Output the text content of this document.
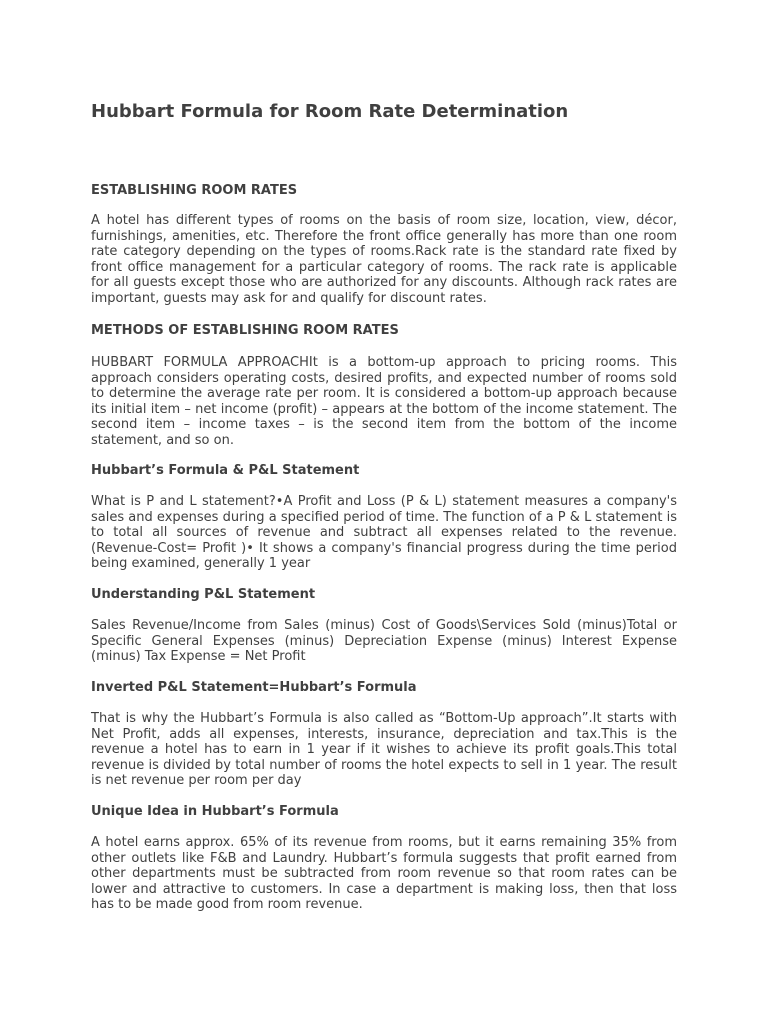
Hubbart Formula for Room Rate Determination
ESTABLISHING ROOM RATES

A hotel has different types of rooms on the basis of room size, location, view, décor, furnishings, amenities, etc. Therefore the front office generally has more than one room rate category depending on the types of rooms.Rack rate is the standard rate fixed by front office management for a particular category of rooms. The rack rate is applicable for all guests except those who are authorized for any discounts. Although rack rates are important, guests may ask for and qualify for discount rates.

METHODS OF ESTABLISHING ROOM RATES

HUBBART FORMULA APPROACHIt is a bottom-up approach to pricing rooms. This approach considers operating costs, desired profits, and expected number of rooms sold to determine the average rate per room. It is considered a bottom-up approach because its initial item – net income (profit) – appears at the bottom of the income statement. The second item – income taxes – is the second item from the bottom of the income statement, and so on.

Hubbart’s Formula & P&L Statement

What is P and L statement?•A Profit and Loss (P & L) statement measures a company's sales and expenses during a specified period of time. The function of a P & L statement is to total all sources of revenue and subtract all expenses related to the revenue.(Revenue-Cost= Profit )• It shows a company's financial progress during the time period being examined, generally 1 year

Understanding P&L Statement

Sales Revenue/Income from Sales (minus) Cost of Goods\Services Sold (minus)Total or Specific General Expenses (minus) Depreciation Expense (minus) Interest Expense (minus) Tax Expense = Net Profit

Inverted P&L Statement=Hubbart’s Formula

That is why the Hubbart’s Formula is also called as “Bottom-Up approach”.It starts with Net Profit, adds all expenses, interests, insurance, depreciation and tax.This is the revenue a hotel has to earn in 1 year if it wishes to achieve its profit goals.This total revenue is divided by total number of rooms the hotel expects to sell in 1 year. The result is net revenue per room per day

Unique Idea in Hubbart’s Formula

A hotel earns approx. 65% of its revenue from rooms, but it earns remaining 35% from other outlets like F&B and Laundry. Hubbart’s formula suggests that profit earned from other departments must be subtracted from room revenue so that room rates can be lower and attractive to customers. In case a department is making loss, then that loss has to be made good from room revenue.
